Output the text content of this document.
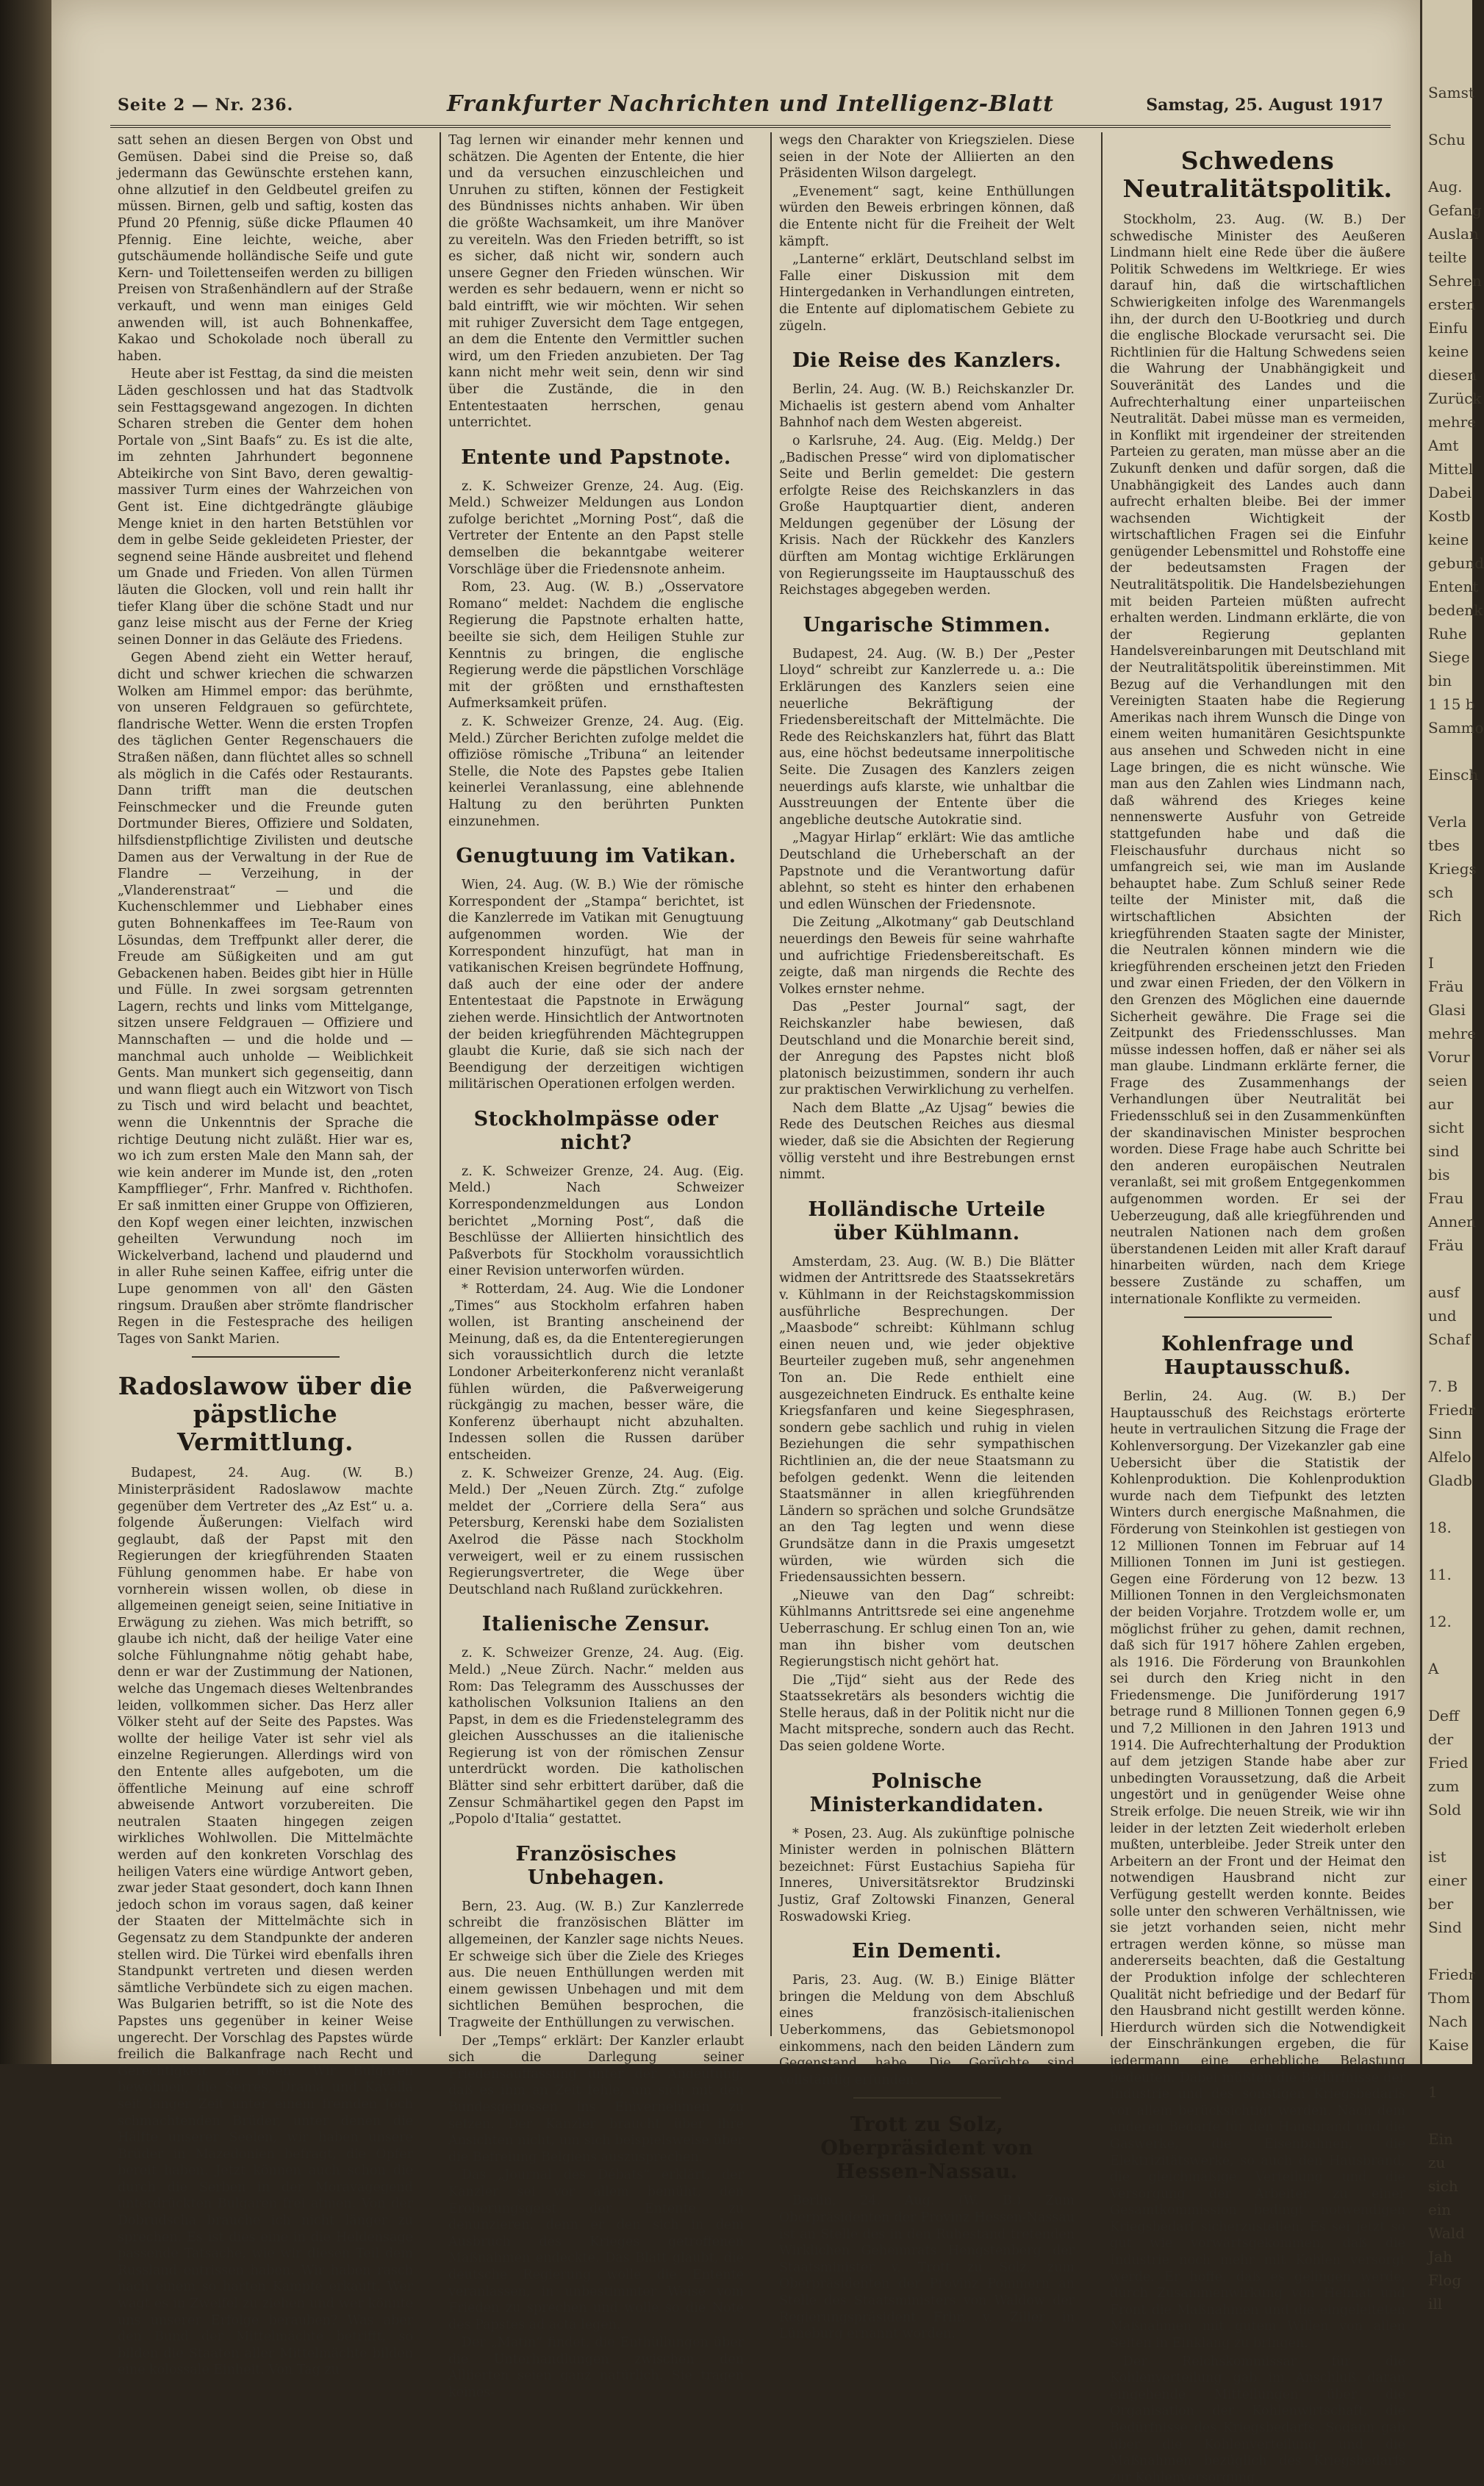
Seite 2 — Nr. 236.	Frankfurter Nachrichten und Intelligenz-Blatt	Samstag, 25. August 1917

satt sehen an diesen Bergen von Obst und Gemüsen. Dabei sind die Preise so, daß jedermann das Gewünschte erstehen kann, ohne allzutief in den Geldbeutel greifen zu müssen. Birnen, gelb und saftig, kosten das Pfund 20 Pfennig, süße dicke Pflaumen 40 Pfennig. Eine leichte, weiche, aber gutschäumende holländische Seife und gute Kern- und Toilettenseifen werden zu billigen Preisen von Straßenhändlern auf der Straße verkauft, und wenn man einiges Geld anwenden will, ist auch Bohnenkaffee, Kakao und Schokolade noch überall zu haben.

Heute aber ist Festtag, da sind die meisten Läden geschlossen und hat das Stadtvolk sein Festtagsgewand angezogen. In dichten Scharen streben die Genter dem hohen Portale von „Sint Baafs“ zu. Es ist die alte, im zehnten Jahrhundert begonnene Abteikirche von Sint Bavo, deren gewaltig-massiver Turm eines der Wahrzeichen von Gent ist. Eine dichtgedrängte gläubige Menge kniet in den harten Betstühlen vor dem in gelbe Seide gekleideten Priester, der segnend seine Hände ausbreitet und flehend um Gnade und Frieden. Von allen Türmen läuten die Glocken, voll und rein hallt ihr tiefer Klang über die schöne Stadt und nur ganz leise mischt aus der Ferne der Krieg seinen Donner in das Geläute des Friedens.

Gegen Abend zieht ein Wetter herauf, dicht und schwer kriechen die schwarzen Wolken am Himmel empor: das berühmte, von unseren Feldgrauen so gefürchtete, flandrische Wetter. Wenn die ersten Tropfen des täglichen Genter Regenschauers die Straßen näßen, dann flüchtet alles so schnell als möglich in die Cafés oder Restaurants. Dann trifft man die deutschen Feinschmecker und die Freunde guten Dortmunder Bieres, Offiziere und Soldaten, hilfsdienstpflichtige Zivilisten und deutsche Damen aus der Verwaltung in der Rue de Flandre — Verzeihung, in der „Vlanderenstraat“ — und die Kuchenschlemmer und Liebhaber eines guten Bohnenkaffees im Tee-Raum von Lösundas, dem Treffpunkt aller derer, die Freude am Süßigkeiten und am gut Gebackenen haben. Beides gibt hier in Hülle und Fülle. In zwei sorgsam getrennten Lagern, rechts und links vom Mittelgange, sitzen unsere Feldgrauen — Offiziere und Mannschaften — und die holde und — manchmal auch unholde — Weiblichkeit Gents. Man munkert sich gegenseitig, dann und wann fliegt auch ein Witzwort von Tisch zu Tisch und wird belacht und beachtet, wenn die Unkenntnis der Sprache die richtige Deutung nicht zuläßt. Hier war es, wo ich zum ersten Male den Mann sah, der wie kein anderer im Munde ist, den „roten Kampfflieger“, Frhr. Manfred v. Richthofen. Er saß inmitten einer Gruppe von Offizieren, den Kopf wegen einer leichten, inzwischen geheilten Verwundung noch im Wickelverband, lachend und plaudernd und in aller Ruhe seinen Kaffee, eifrig unter die Lupe genommen von all' den Gästen ringsum. Draußen aber strömte flandrischer Regen in die Festesprache des heiligen Tages von Sankt Marien.

Radoslawow über die päpstliche Vermittlung.

Budapest, 24. Aug. (W. B.) Ministerpräsident Radoslawow machte gegenüber dem Vertreter des „Az Est“ u. a. folgende Äußerungen: Vielfach wird geglaubt, daß der Papst mit den Regierungen der kriegführenden Staaten Fühlung genommen habe. Er habe von vornherein wissen wollen, ob diese in allgemeinen geneigt seien, seine Initiative in Erwägung zu ziehen. Was mich betrifft, so glaube ich nicht, daß der heilige Vater eine solche Fühlungnahme nötig gehabt habe, denn er war der Zustimmung der Nationen, welche das Ungemach dieses Weltenbrandes leiden, vollkommen sicher. Das Herz aller Völker steht auf der Seite des Papstes. Was wollte der heilige Vater ist sehr viel als einzelne Regierungen. Allerdings wird von den Entente alles aufgeboten, um die öffentliche Meinung auf eine schroff abweisende Antwort vorzubereiten. Die neutralen Staaten hingegen zeigen wirkliches Wohlwollen. Die Mittelmächte werden auf den konkreten Vorschlag des heiligen Vaters eine würdige Antwort geben, zwar jeder Staat gesondert, doch kann Ihnen jedoch schon im voraus sagen, daß keiner der Staaten der Mittelmächte sich in Gegensatz zu dem Standpunkte der anderen stellen wird. Die Türkei wird ebenfalls ihren Standpunkt vertreten und diesen werden sämtliche Verbündete sich zu eigen machen. Was Bulgarien betrifft, so ist die Note des Papstes uns gegenüber in keiner Weise ungerecht. Der Vorschlag des Papstes würde freilich die Balkanfrage nach Recht und Gerechtigkeit zu lösen. Wir Bulgaren bewohnen, die Serres, Drama und Kavalla seit langer Zeit unter einem fremden Joch schmachtenden Brüder, unter denen die Hälfte unserer Seelen, wir haben unsere Brüder in Mazedonien befragt, die Opfer bereit haben. Jetzt können auch schon die durch die Serben in der Moravagegend unterdrückten Bulgaren frei atmen. Von der Dobrudscha brauche ich nicht länger zu sprechen. Es ist dies eine in die Heldensage passende Tatsache, wie wir diesen Teil dem Russland entrissen haben. Wir haben rasch nach einem so harten Kampfe erkauft. Wer wagt es in Zweifel zu ziehen und wer könnte uns unserer Erfolge berauben? Was aber den Bund der Mittelmächte betrifft, so bilden die Staaten aller Mittelmächte bilden eine kolossale Einheit. Von Tag zu

Tag lernen wir einander mehr kennen und schätzen. Die Agenten der Entente, die hier und da versuchen einzuschleichen und Unruhen zu stiften, können der Festigkeit des Bündnisses nichts anhaben. Wir üben die größte Wachsamkeit, um ihre Manöver zu vereiteln. Was den Frieden betrifft, so ist es sicher, daß nicht wir, sondern auch unsere Gegner den Frieden wünschen. Wir werden es sehr bedauern, wenn er nicht so bald eintrifft, wie wir möchten. Wir sehen mit ruhiger Zuversicht dem Tage entgegen, an dem die Entente den Vermittler suchen wird, um den Frieden anzubieten. Der Tag kann nicht mehr weit sein, denn wir sind über die Zustände, die in den Ententestaaten herrschen, genau unterrichtet.

Entente und Papstnote.

z. K. Schweizer Grenze, 24. Aug. (Eig. Meld.) Schweizer Meldungen aus London zufolge berichtet „Morning Post“, daß die Vertreter der Entente an den Papst stelle demselben die bekanntgabe weiterer Vorschläge über die Friedensnote anheim.

Rom, 23. Aug. (W. B.) „Osservatore Romano“ meldet: Nachdem die englische Regierung die Papstnote erhalten hatte, beeilte sie sich, dem Heiligen Stuhle zur Kenntnis zu bringen, die englische Regierung werde die päpstlichen Vorschläge mit der größten und ernsthaftesten Aufmerksamkeit prüfen.

z. K. Schweizer Grenze, 24. Aug. (Eig. Meld.) Zürcher Berichten zufolge meldet die offiziöse römische „Tribuna“ an leitender Stelle, die Note des Papstes gebe Italien keinerlei Veranlassung, eine ablehnende Haltung zu den berührten Punkten einzunehmen.

Genugtuung im Vatikan.

Wien, 24. Aug. (W. B.) Wie der römische Korrespondent der „Stampa“ berichtet, ist die Kanzlerrede im Vatikan mit Genugtuung aufgenommen worden. Wie der Korrespondent hinzufügt, hat man in vatikanischen Kreisen begründete Hoffnung, daß auch der eine oder der andere Ententestaat die Papstnote in Erwägung ziehen werde. Hinsichtlich der Antwortnoten der beiden kriegführenden Mächtegruppen glaubt die Kurie, daß sie sich nach der Beendigung der derzeitigen wichtigen militärischen Operationen erfolgen werden.

Stockholmpässe oder nicht?

z. K. Schweizer Grenze, 24. Aug. (Eig. Meld.) Nach Schweizer Korrespondenzmeldungen aus London berichtet „Morning Post“, daß die Beschlüsse der Alliierten hinsichtlich des Paßverbots für Stockholm voraussichtlich einer Revision unterworfen würden.

* Rotterdam, 24. Aug. Wie die Londoner „Times“ aus Stockholm erfahren haben wollen, ist Branting anscheinend der Meinung, daß es, da die Ententeregierungen sich voraussichtlich durch die letzte Londoner Arbeiterkonferenz nicht veranlaßt fühlen würden, die Paßverweigerung rückgängig zu machen, besser wäre, die Konferenz überhaupt nicht abzuhalten. Indessen sollen die Russen darüber entscheiden.

z. K. Schweizer Grenze, 24. Aug. (Eig. Meld.) Der „Neuen Zürch. Ztg.“ zufolge meldet der „Corriere della Sera“ aus Petersburg, Kerenski habe dem Sozialisten Axelrod die Pässe nach Stockholm verweigert, weil er zu einem russischen Regierungsvertreter, die Wege über Deutschland nach Rußland zurückkehren.

Italienische Zensur.

z. K. Schweizer Grenze, 24. Aug. (Eig. Meld.) „Neue Zürch. Nachr.“ melden aus Rom: Das Telegramm des Ausschusses der katholischen Volksunion Italiens an den Papst, in dem es die Friedenstelegramm des gleichen Ausschusses an die italienische Regierung ist von der römischen Zensur unterdrückt worden. Die katholischen Blätter sind sehr erbittert darüber, daß die Zensur Schmähartikel gegen den Papst im „Popolo d'Italia“ gestattet.

Französisches Unbehagen.

Bern, 23. Aug. (W. B.) Zur Kanzlerrede schreibt die französischen Blätter im allgemeinen, der Kanzler sage nichts Neues. Er schweige sich über die Ziele des Krieges aus. Die neuen Enthüllungen werden mit einem gewissen Unbehagen und mit dem sichtlichen Bemühen besprochen, die Tragweite der Enthüllungen zu verwischen.

Der „Temps“ erklärt: Der Kanzler erlaubt sich die Darlegung seiner Friedensauffassung unter der Andeutung, daß es ihm an Zeit fehle, um sich mit den Bundesgenossen ins Einvernehmen zu setzen. Der Kanzler braucht über ihre Ansichten nicht, um sich beispielsweise über die Befreiung Belgiens auszusprechen.

Das „Journal des Débats“ erklärt, der Kanzler sei vor allem bemüht, den Eroberungsgeist der Entente zu denunzieren, denn er den sich in dem Ausbruch des Krieges getroffenen Maßnahmen endeckte. Das Blatt glaubt, die deutsche Regierung wolle die Entente veranlassen, in unbestimmter Weise vom Frieden zu sprechen und wolle so die Note des Papstes ad acta legen.

Der „Matin“ findet, die Enthüllungen über die Unterhandlungen zwischen den Alliierten seien ganz natürlich. Sie tragen keines-

wegs den Charakter von Kriegszielen. Diese seien in der Note der Alliierten an den Präsidenten Wilson dargelegt.

„Evenement“ sagt, keine Enthüllungen würden den Beweis erbringen können, daß die Entente nicht für die Freiheit der Welt kämpft.

„Lanterne“ erklärt, Deutschland selbst im Falle einer Diskussion mit dem Hintergedanken in Verhandlungen eintreten, die Entente auf diplomatischem Gebiete zu zügeln.

Die Reise des Kanzlers.

Berlin, 24. Aug. (W. B.) Reichskanzler Dr. Michaelis ist gestern abend vom Anhalter Bahnhof nach dem Westen abgereist.

o Karlsruhe, 24. Aug. (Eig. Meldg.) Der „Badischen Presse“ wird von diplomatischer Seite und Berlin gemeldet: Die gestern erfolgte Reise des Reichskanzlers in das Große Hauptquartier dient, anderen Meldungen gegenüber der Lösung der Krisis. Nach der Rückkehr des Kanzlers dürften am Montag wichtige Erklärungen von Regierungsseite im Hauptausschuß des Reichstages abgegeben werden.

Ungarische Stimmen.

Budapest, 24. Aug. (W. B.) Der „Pester Lloyd“ schreibt zur Kanzlerrede u. a.: Die Erklärungen des Kanzlers seien eine neuerliche Bekräftigung der Friedensbereitschaft der Mittelmächte. Die Rede des Reichskanzlers hat, führt das Blatt aus, eine höchst bedeutsame innerpolitische Seite. Die Zusagen des Kanzlers zeigen neuerdings aufs klarste, wie unhaltbar die Ausstreuungen der Entente über die angebliche deutsche Autokratie sind.

„Magyar Hirlap“ erklärt: Wie das amtliche Deutschland die Urheberschaft an der Papstnote und die Verantwortung dafür ablehnt, so steht es hinter den erhabenen und edlen Wünschen der Friedensnote.

Die Zeitung „Alkotmany“ gab Deutschland neuerdings den Beweis für seine wahrhafte und aufrichtige Friedensbereitschaft. Es zeigte, daß man nirgends die Rechte des Volkes ernster nehme.

Das „Pester Journal“ sagt, der Reichskanzler habe bewiesen, daß Deutschland und die Monarchie bereit sind, der Anregung des Papstes nicht bloß platonisch beizustimmen, sondern ihr auch zur praktischen Verwirklichung zu verhelfen.

Nach dem Blatte „Az Ujsag“ bewies die Rede des Deutschen Reiches aus diesmal wieder, daß sie die Absichten der Regierung völlig versteht und ihre Bestrebungen ernst nimmt.

Holländische Urteile über Kühlmann.

Amsterdam, 23. Aug. (W. B.) Die Blätter widmen der Antrittsrede des Staatssekretärs v. Kühlmann in der Reichstagskommission ausführliche Besprechungen. Der „Maasbode“ schreibt: Kühlmann schlug einen neuen und, wie jeder objektive Beurteiler zugeben muß, sehr angenehmen Ton an. Die Rede enthielt eine ausgezeichneten Eindruck. Es enthalte keine Kriegsfanfaren und keine Siegesphrasen, sondern gebe sachlich und ruhig in vielen Beziehungen die sehr sympathischen Richtlinien an, die der neue Staatsmann zu befolgen gedenkt. Wenn die leitenden Staatsmänner in allen kriegführenden Ländern so sprächen und solche Grundsätze an den Tag legten und wenn diese Grundsätze dann in die Praxis umgesetzt würden, wie würden sich die Friedensaussichten bessern.

„Nieuwe van den Dag“ schreibt: Kühlmanns Antrittsrede sei eine angenehme Ueberraschung. Er schlug einen Ton an, wie man ihn bisher vom deutschen Regierungstisch nicht gehört hat.

Die „Tijd“ sieht aus der Rede des Staatssekretärs als besonders wichtig die Stelle heraus, daß in der Politik nicht nur die Macht mitspreche, sondern auch das Recht. Das seien goldene Worte.

Polnische Ministerkandidaten.

* Posen, 23. Aug. Als zukünftige polnische Minister werden in polnischen Blättern bezeichnet: Fürst Eustachius Sapieha für Inneres, Universitätsrektor Brudzinski Justiz, Graf Zoltowski Finanzen, General Roswadowski Krieg.

Ein Dementi.

Paris, 23. Aug. (W. B.) Einige Blätter bringen die Meldung von dem Abschluß eines französisch-italienischen Ueberkommens, das Gebietsmonopol einkommens, nach den beiden Ländern zum Gegenstand habe. Die Gerüchte sind vollständig erfunden.

Trott zu Solz, Oberpräsident von Hessen-Nassau.

Berlin, 24. Aug. (W. B.) Zum Oberpräsidenten der Provinz Hessen-Nassau ist an Stelle des in den Ruhestand tretenden Wirklichen Geheimrats Hengstenberg der Staatsminister v. Trott zu Solz, zum Oberpräsidenten der Provinz Pommern an Stelle des Staatsministers von Waldow der Regierungspräsident Frhr. v. Ziller in Lüneburg ernannt worden.

Schwedens Neutralitätspolitik.

Stockholm, 23. Aug. (W. B.) Der schwedische Minister des Aeußeren Lindmann hielt eine Rede über die äußere Politik Schwedens im Weltkriege. Er wies darauf hin, daß die wirtschaftlichen Schwierigkeiten infolge des Warenmangels ihn, der durch den U-Bootkrieg und durch die englische Blockade verursacht sei. Die Richtlinien für die Haltung Schwedens seien die Wahrung der Unabhängigkeit und Souveränität des Landes und die Aufrechterhaltung einer unparteiischen Neutralität. Dabei müsse man es vermeiden, in Konflikt mit irgendeiner der streitenden Parteien zu geraten, man müsse aber an die Zukunft denken und dafür sorgen, daß die Unabhängigkeit des Landes auch dann aufrecht erhalten bleibe. Bei der immer wachsenden Wichtigkeit der wirtschaftlichen Fragen sei die Einfuhr genügender Lebensmittel und Rohstoffe eine der bedeutsamsten Fragen der Neutralitätspolitik. Die Handelsbeziehungen mit beiden Parteien müßten aufrecht erhalten werden. Lindmann erklärte, die von der Regierung geplanten Handelsvereinbarungen mit Deutschland mit der Neutralitätspolitik übereinstimmen. Mit Bezug auf die Verhandlungen mit den Vereinigten Staaten habe die Regierung Amerikas nach ihrem Wunsch die Dinge von einem weiten humanitären Gesichtspunkte aus ansehen und Schweden nicht in eine Lage bringen, die es nicht wünsche. Wie man aus den Zahlen wies Lindmann nach, daß während des Krieges keine nennenswerte Ausfuhr von Getreide stattgefunden habe und daß die Fleischausfuhr durchaus nicht so umfangreich sei, wie man im Auslande behauptet habe. Zum Schluß seiner Rede teilte der Minister mit, daß die wirtschaftlichen Absichten der kriegführenden Staaten sagte der Minister, die Neutralen können mindern wie die kriegführenden erscheinen jetzt den Frieden und zwar einen Frieden, der den Völkern in den Grenzen des Möglichen eine dauernde Sicherheit gewähre. Die Frage sei die Zeitpunkt des Friedensschlusses. Man müsse indessen hoffen, daß er näher sei als man glaube. Lindmann erklärte ferner, die Frage des Zusammenhangs der Verhandlungen über Neutralität bei Friedensschluß sei in den Zusammenkünften der skandinavischen Minister besprochen worden. Diese Frage habe auch Schritte bei den anderen europäischen Neutralen veranlaßt, sei mit großem Entgegenkommen aufgenommen worden. Er sei der Ueberzeugung, daß alle kriegführenden und neutralen Nationen nach dem großen überstandenen Leiden mit aller Kraft darauf hinarbeiten würden, nach dem Kriege bessere Zustände zu schaffen, um internationale Konflikte zu vermeiden.

Kohlenfrage und Hauptausschuß.

Berlin, 24. Aug. (W. B.) Der Hauptausschuß des Reichstags erörterte heute in vertraulichen Sitzung die Frage der Kohlenversorgung. Der Vizekanzler gab eine Uebersicht über die Statistik der Kohlenproduktion. Die Kohlenproduktion wurde nach dem Tiefpunkt des letzten Winters durch energische Maßnahmen, die Förderung von Steinkohlen ist gestiegen von 12 Millionen Tonnen im Februar auf 14 Millionen Tonnen im Juni ist gestiegen. Gegen eine Förderung von 12 bezw. 13 Millionen Tonnen in den Vergleichsmonaten der beiden Vorjahre. Trotzdem wolle er, um möglichst früher zu gehen, damit rechnen, daß sich für 1917 höhere Zahlen ergeben, als 1916. Die Förderung von Braunkohlen sei durch den Krieg nicht in den Friedensmenge. Die Juniförderung 1917 betrage rund 8 Millionen Tonnen gegen 6,9 und 7,2 Millionen in den Jahren 1913 und 1914. Die Aufrechterhaltung der Produktion auf dem jetzigen Stande habe aber zur unbedingten Voraussetzung, daß die Arbeit ungestört und in genügender Weise ohne Streik erfolge. Die neuen Streik, wie wir ihn leider in der letzten Zeit wiederholt erleben mußten, unterbleibe. Jeder Streik unter den Arbeitern an der Front und der Heimat den notwendigen Hausbrand nicht zur Verfügung gestellt werden konnte. Beides solle unter den schweren Verhältnissen, wie sie jetzt vorhanden seien, nicht mehr ertragen werden könne, so müsse man andererseits beachten, daß die Gestaltung der Produktion infolge der schlechteren Qualität nicht befriedige und der Bedarf für den Hausbrand nicht gestillt werden könne. Hierdurch würden sich die Notwendigkeit der Einschränkungen ergeben, die für jedermann eine erhebliche Belastung bedeuten. Dabei müßten die Bedürfnisse der Industrie und des sonstigen Kriegsbedarfs vor allem berücksichtigt werden. Nach dem anderen Bedarfe für den Hausbrand und die Gaswerke, die Eisenbahnen, die Elektrizitätswerke, so auch den Hausbrand, die gleichmäßige Verteilung und die Versorgung der Arbeiter zu einer Gesamtkommission bedingt notwendigen Kriegsbedarf sicherzustellen. Es sei jetzt so gut wie vorwärtsgekommen, daß die Industrie noch mehr mit Kohlen versorgt werde. Er hoffe, daß es gelingen werde, durch Zusammenwirkung von Heimat und Front die Maßnahmen und die eingeleiteten Maßnahmen mit gutem Willen von allen Seiten in Einklang zu bringen.

Der Reichskommissar für die Kohlenverteilung gab im Anschluß daran eingehende Mitteilungen über die Organisation der Kohlenwirtschaft, die Bedürfnisse des Kriegsbedarfs. Sodann gab über die Kohlenverteilung und die Maßnahmen bezüglich des Kriegsbedarfs zur Kohlenversorgung.

Samst

Schu

Aug.
Gefang
Auslan
teilte
Sehren
ersten
Einfu
keine
diesen
Zurück
mehre
Amt
Mittel
Dabei
Kostb
keine
gebund
Entent
bedenk
Ruhe
Siege
bin
1 15 b
Sammo

Einsch

Verla
tbes
Kriegs
sch
Rich

I
Fräu
Glasi
mehre
Vorur
seien
aur
sicht
sind
bis
Frau
Annen
Fräu

ausf
und
Schaf

7. B
Friedr
Sinn
Alfelo
Gladb

18.

11.

12.

A

Deff
der
Fried
zum
Sold

ist
einer
ber
Sind

Friedr
Thom
Nach
Kaise

1

Ein
zu
sich
ein
Wald
Jah
Flog
ill
